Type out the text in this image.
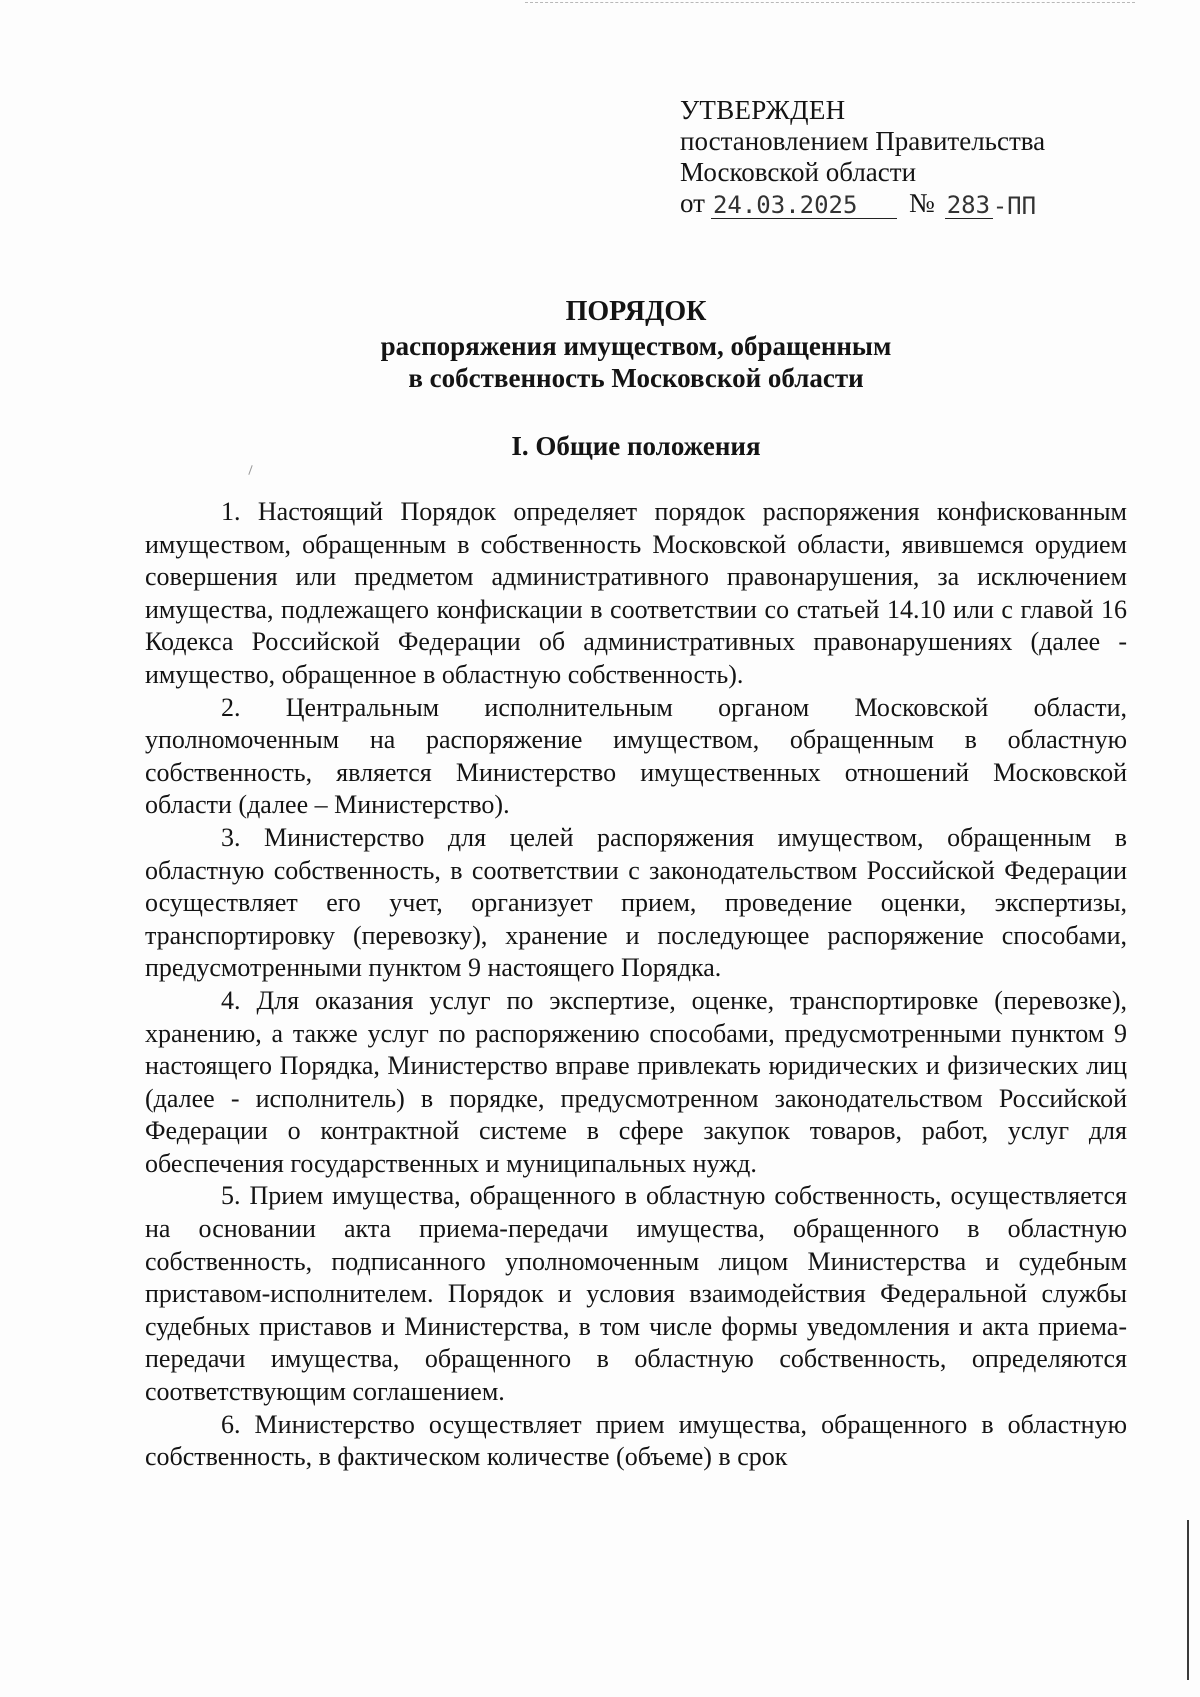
УТВЕРЖДЕН
постановлением Правительства
Московской области
от 24.03.2025	№ 283 -ПП
ПОРЯДОК
распоряжения имуществом, обращенным
в собственность Московской области
I. Общие положения

1. Настоящий Порядок определяет порядок распоряжения конфискованным имуществом, обращенным в собственность Московской области, явившемся орудием совершения или предметом административного правонарушения, за исключением имущества, подлежащего конфискации в соответствии со статьей 14.10 или с главой 16 Кодекса Российской Федерации об административных правонарушениях (далее - имущество, обращенное в областную собственность).

2. Центральным исполнительным органом Московской области, уполномоченным на распоряжение имуществом, обращенным в областную собственность, является Министерство имущественных отношений Московской области (далее – Министерство).

3. Министерство для целей распоряжения имуществом, обращенным в областную собственность, в соответствии с законодательством Российской Федерации осуществляет его учет, организует прием, проведение оценки, экспертизы, транспортировку (перевозку), хранение и последующее распоряжение способами, предусмотренными пунктом 9 настоящего Порядка.

4. Для оказания услуг по экспертизе, оценке, транспортировке (перевозке), хранению, а также услуг по распоряжению способами, предусмотренными пунктом 9 настоящего Порядка, Министерство вправе привлекать юридических и физических лиц (далее - исполнитель) в порядке, предусмотренном законодательством Российской Федерации о контрактной системе в сфере закупок товаров, работ, услуг для обеспечения государственных и муниципальных нужд.

5. Прием имущества, обращенного в областную собственность, осуществляется на основании акта приема-передачи имущества, обращенного в областную собственность, подписанного уполномоченным лицом Министерства и судебным приставом-исполнителем. Порядок и условия взаимодействия Федеральной службы судебных приставов и Министерства, в том числе формы уведомления и акта приема-передачи имущества, обращенного в областную собственность, определяются соответствующим соглашением.

6. Министерство осуществляет прием имущества, обращенного в областную собственность, в фактическом количестве (объеме) в срок
